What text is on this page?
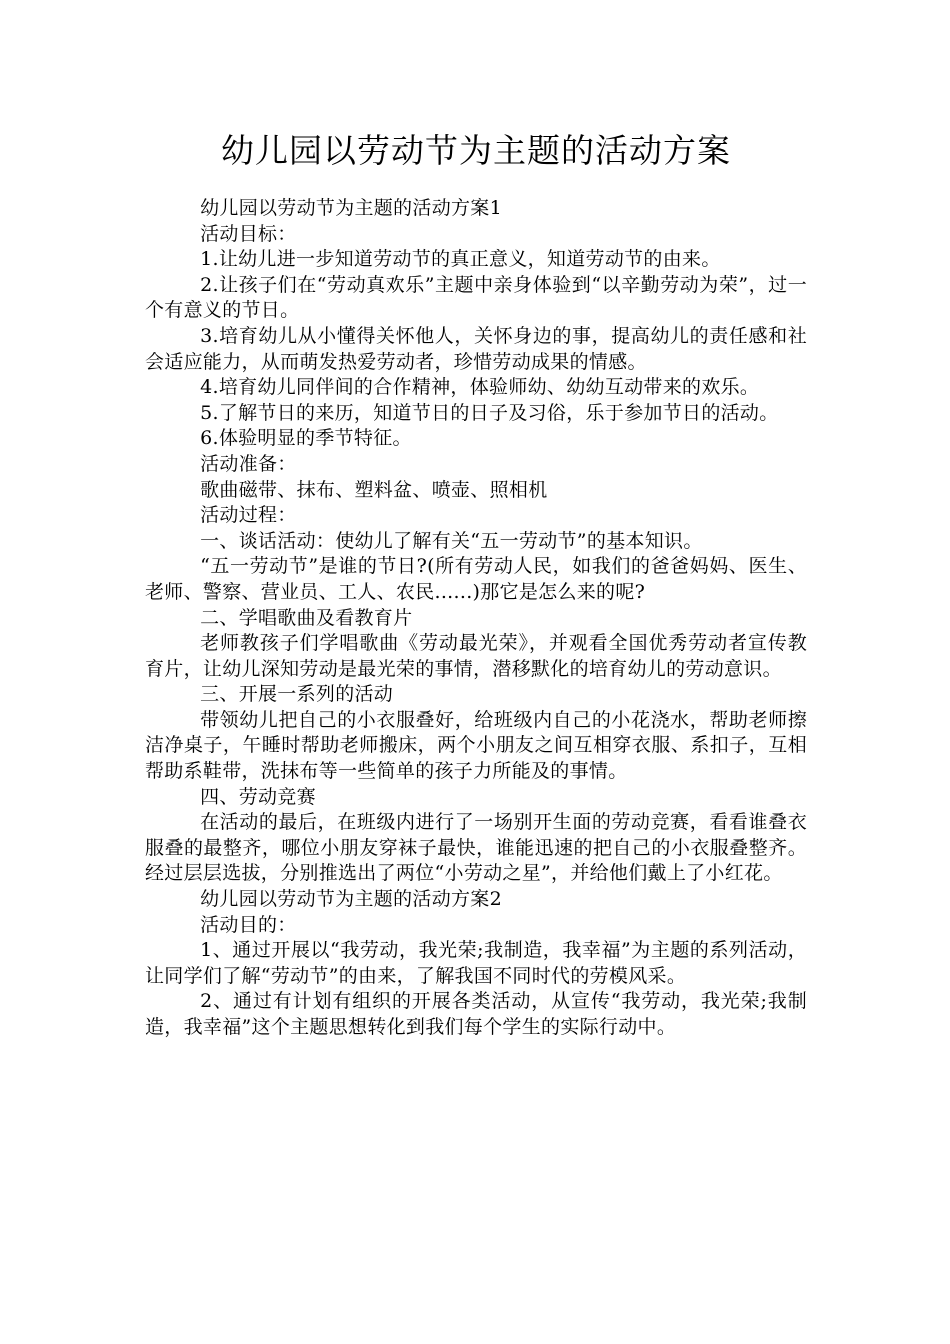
幼儿园以劳动节为主题的活动方案

幼儿园以劳动节为主题的活动方案1

活动目标：

1.让幼儿进一步知道劳动节的真正意义，知道劳动节的由来。

2.让孩子们在“劳动真欢乐”主题中亲身体验到“以辛勤劳动为荣”，过一个有意义的节日。

3.培育幼儿从小懂得关怀他人，关怀身边的事，提高幼儿的责任感和社会适应能力，从而萌发热爱劳动者，珍惜劳动成果的情感。

4.培育幼儿同伴间的合作精神，体验师幼、幼幼互动带来的欢乐。

5.了解节日的来历，知道节日的日子及习俗，乐于参加节日的活动。

6.体验明显的季节特征。

活动准备：

歌曲磁带、抹布、塑料盆、喷壶、照相机

活动过程：

一、谈话活动：使幼儿了解有关“五一劳动节”的基本知识。

“五一劳动节”是谁的节日?(所有劳动人民，如我们的爸爸妈妈、医生、老师、警察、营业员、工人、农民......)那它是怎么来的呢?

二、学唱歌曲及看教育片

老师教孩子们学唱歌曲《劳动最光荣》，并观看全国优秀劳动者宣传教育片，让幼儿深知劳动是最光荣的事情，潜移默化的培育幼儿的劳动意识。

三、开展一系列的活动

带领幼儿把自己的小衣服叠好，给班级内自己的小花浇水，帮助老师擦洁净桌子，午睡时帮助老师搬床，两个小朋友之间互相穿衣服、系扣子，互相帮助系鞋带，洗抹布等一些简单的孩子力所能及的事情。

四、劳动竞赛

在活动的最后，在班级内进行了一场别开生面的劳动竞赛，看看谁叠衣服叠的最整齐，哪位小朋友穿袜子最快，谁能迅速的把自己的小衣服叠整齐。经过层层选拔，分别推选出了两位“小劳动之星”，并给他们戴上了小红花。

幼儿园以劳动节为主题的活动方案2

活动目的：

1、通过开展以“我劳动，我光荣;我制造，我幸福”为主题的系列活动，让同学们了解“劳动节”的由来，了解我国不同时代的劳模风采。

2、通过有计划有组织的开展各类活动，从宣传“我劳动，我光荣;我制造，我幸福”这个主题思想转化到我们每个学生的实际行动中。
